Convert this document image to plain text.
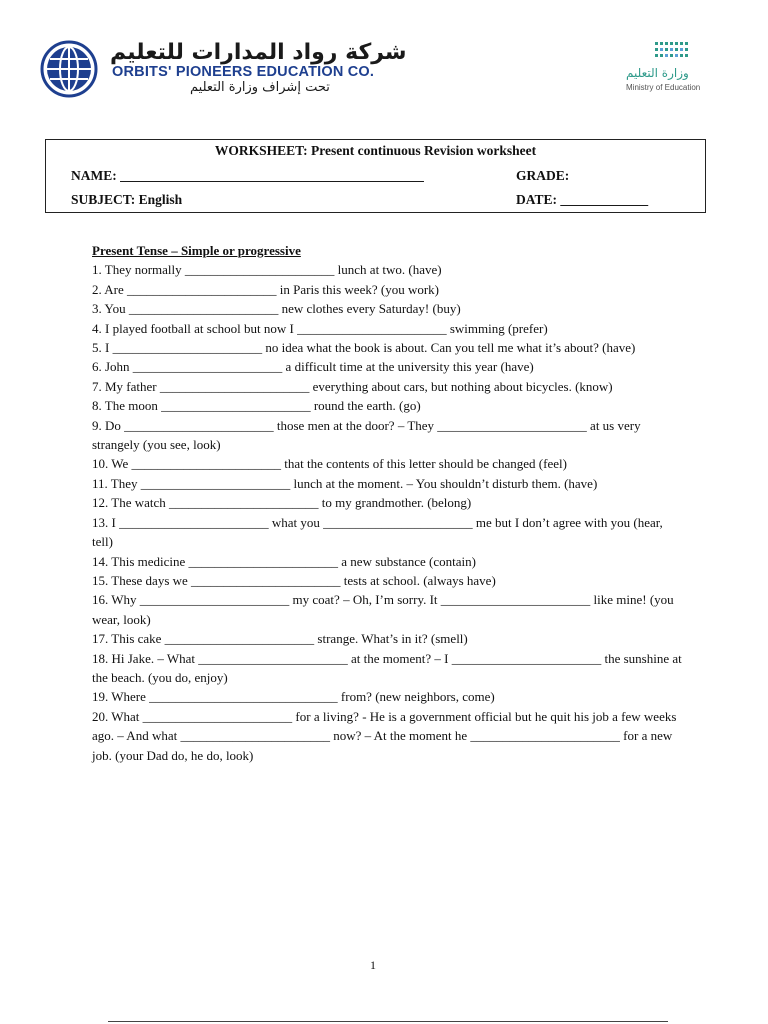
شركة رواد المدارات للتعليم
ORBITS' PIONEERS EDUCATION CO.
تحت إشراف وزارة التعليم
وزارة التعليم
Ministry of Education
WORKSHEET: Present continuous Revision worksheet
NAME: _____________________________________________	GRADE:
SUBJECT: English	DATE: _____________
Present Tense – Simple or progressive

1. They normally _______________________ lunch at two. (have)

2. Are _______________________ in Paris this week? (you work)

3. You _______________________ new clothes every Saturday! (buy)

4. I played football at school but now I _______________________ swimming (prefer)

5. I _______________________ no idea what the book is about. Can you tell me what it’s about? (have)

6. John _______________________ a difficult time at the university this year (have)

7. My father _______________________ everything about cars, but nothing about bicycles. (know)

8. The moon _______________________ round the earth. (go)

9. Do _______________________ those men at the door? – They _______________________ at us very strangely (you see, look)

10. We _______________________ that the contents of this letter should be changed (feel)

11. They _______________________ lunch at the moment. – You shouldn’t disturb them. (have)

12. The watch _______________________ to my grandmother. (belong)

13. I _______________________ what you _______________________ me but I don’t agree with you (hear, tell)

14. This medicine _______________________ a new substance (contain)

15. These days we _______________________ tests at school. (always have)

16. Why _______________________ my coat? – Oh, I’m sorry. It _______________________ like mine! (you wear, look)

17. This cake _______________________ strange. What’s in it? (smell)

18. Hi Jake. – What _______________________ at the moment? – I _______________________ the sunshine at the beach. (you do, enjoy)

19. Where _____________________________ from? (new neighbors, come)

20. What _______________________ for a living? - He is a government official but he quit his job a few weeks ago. – And what _______________________ now? – At the moment he _______________________ for a new job. (your Dad do, he do, look)

1
